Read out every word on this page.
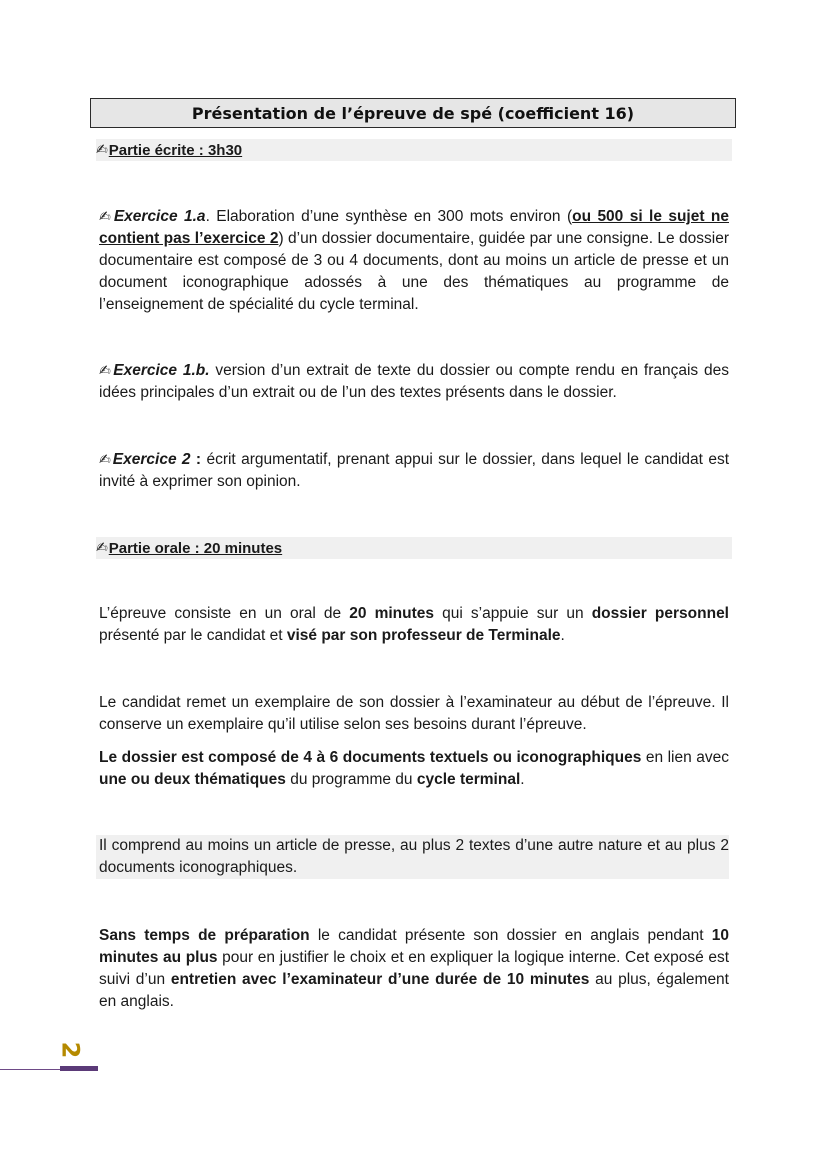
Présentation de l’épreuve de spé (coefficient 16)
✍ Partie écrite : 3h30

✍Exercice 1.a. Elaboration d’une synthèse en 300 mots environ (ou 500 si le sujet ne contient pas l’exercice 2) d’un dossier documentaire, guidée par une consigne. Le dossier documentaire est composé de 3 ou 4 documents, dont au moins un article de presse et un document iconographique adossés à une des thématiques au programme de l’enseignement de spécialité du cycle terminal.

✍Exercice 1.b. version d’un extrait de texte du dossier ou compte rendu en français des idées principales d’un extrait ou de l’un des textes présents dans le dossier.

✍Exercice 2 : écrit argumentatif, prenant appui sur le dossier, dans lequel le candidat est invité à exprimer son opinion.

✍ Partie orale : 20 minutes

L’épreuve consiste en un oral de 20 minutes qui s’appuie sur un dossier personnel présenté par le candidat et visé par son professeur de Terminale.

Le candidat remet un exemplaire de son dossier à l’examinateur au début de l’épreuve. Il conserve un exemplaire qu’il utilise selon ses besoins durant l’épreuve.

Le dossier est composé de 4 à 6 documents textuels ou iconographiques en lien avec une ou deux thématiques du programme du cycle terminal.

Il comprend au moins un article de presse, au plus 2 textes d’une autre nature et au plus 2 documents iconographiques.

Sans temps de préparation le candidat présente son dossier en anglais pendant 10 minutes au plus pour en justifier le choix et en expliquer la logique interne. Cet exposé est suivi d’un entretien avec l’examinateur d’une durée de 10 minutes au plus, également en anglais.

2
